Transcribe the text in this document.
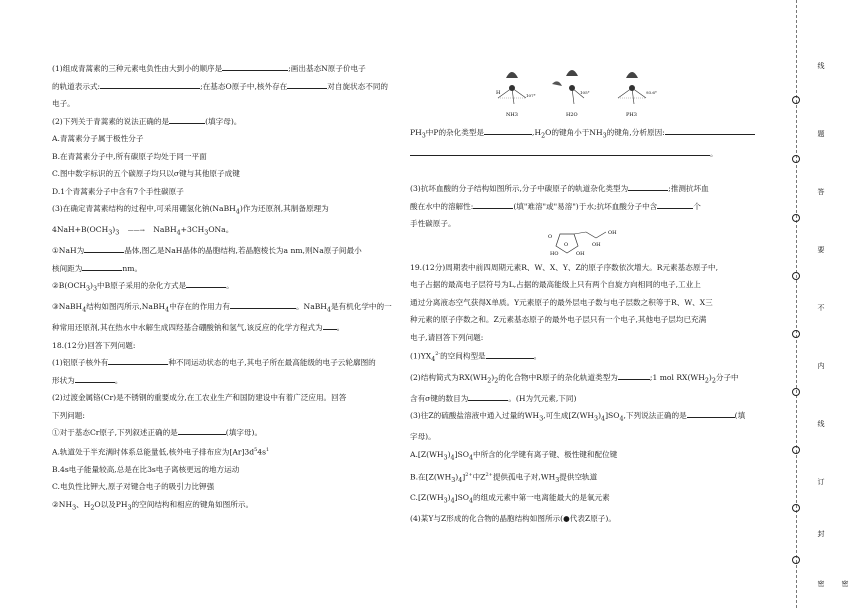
(1)组成青蒿素的三种元素电负性由大到小的顺序是	;画出基态N原子价电子
的轨道表示式:	;在基态O原子中,核外存在	对自旋状态不同的
电子。
(2)下列关于青蒿素的说法正确的是	(填字母)。
A.青蒿素分子属于极性分子
B.在青蒿素分子中,所有碳原子均处于同一平面
C.图中数字标识的五个碳原子均只以σ键与其他原子成键
D.1个青蒿素分子中含有7个手性碳原子
(3)在确定青蒿素结构的过程中,可采用硼氢化钠(NaBH$_4$)作为还原剂,其制备原理为
$4NaH+B(OCH_3)_3$ ——→ $NaBH_4+3CH_3ONa$。
①NaH为	晶体,图乙是NaH晶体的晶胞结构,若晶胞棱长为a nm,则Na原子间最小
核间距为	nm。
$②B(OCH_3)_3$中B原子采用的杂化方式是	。
③NaBH$_4$结构如图丙所示,NaBH$_4$中存在的作用力有	。NaBH$_4$是有机化学中的一
种常用还原剂,其在热水中水解生成四羟基合硼酸钠和氢气,该反应的化学方程式为 。
18.(12分)回答下列问题:
(1)铝原子核外有	种不同运动状态的电子,其电子所在最高能级的电子云轮廓图的
形状为	。
(2)过渡金属铬(Cr)是不锈钢的重要成分,在工农业生产和国防建设中有着广泛应用。回答
下列问题:
①对于基态Cr原子,下列叙述正确的是	(填字母)。
A.轨道处于半充满时体系总能量低,核外电子排布应为$[Ar]3d^54s^1$
B.4s电子能量较高,总是在比3s电子离核更远的地方运动
C.电负性比钾大,原子对键合电子的吸引力比钾强
$②NH_3$、$H_2O$以及$PH_3$的空间结构和相应的键角如图所示。
H	107°
NH3
105°
H2O
93.6°
PH3
$PH_3$中P的杂化类型是	$,H_2O$的键角小于$NH_3$的键角,分析原因:
。
(3)抗坏血酸的分子结构如图所示,分子中碳原子的轨道杂化类型为	;推测抗坏血
酸在水中的溶解性:	(填"难溶"或"易溶")于水;抗坏血酸分子中含	个
手性碳原子。
19.(12分)周期表中前四周期元素R、W、X、Y、Z的原子序数依次增大。R元素基态原子中,
电子占据的最高电子层符号为L,占据的最高能级上只有两个自旋方向相同的电子,工业上
通过分离液态空气获得X单质。Y元素原子的最外层电子数与电子层数之积等于R、W、X三
种元素的原子序数之和。Z元素基态原子的最外电子层只有一个电子,其他电子层均已充满
电子,请回答下列问题:
$(1)YX_4^{2-}$的空间构型是	。
(2)结构简式为$RX(WH_2)_2$的化合物中R原子的杂化轨道类型为	;1 mol $RX(WH_2)_2$分子中
含有σ键的数目为	。(H为氕元素,下同)
(3)往Z的硫酸盐溶液中通入过量的$WH_3$,可生成$[Z(WH_3)_4]SO_4$,下列说法正确的是	(填
字母)。
$A.[Z(WH_3)_4]SO_4$中所含的化学键有离子键、极性键和配位键
B.在$[Z(WH_3)_4]^{2+}$中$Z^{2+}$提供孤电子对$,WH_3$提供空轨道
$C.[Z(WH_3)_4]SO_4$的组成元素中第一电离能最大的是氧元素
(4)某Y与Z形成的化合物的晶胞结构如图所示(●代表Z原子)。
O
O
OH
OH
HO	OH
线
题
答
要
不
内
线
订
封
密 密
